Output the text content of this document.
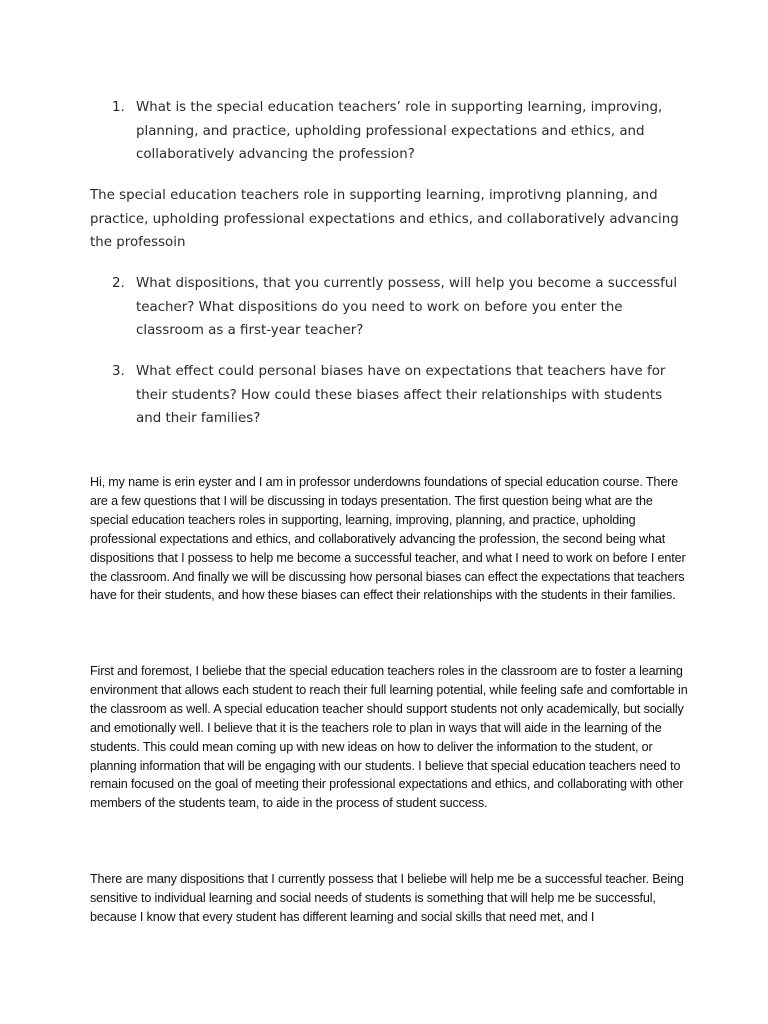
1. What is the special education teachers’ role in supporting learning, improving, planning, and practice, upholding professional expectations and ethics, and collaboratively advancing the profession?
The special education teachers role in supporting learning, improtivng planning, and practice, upholding professional expectations and ethics, and collaboratively advancing the professoin
2. What dispositions, that you currently possess, will help you become a successful teacher? What dispositions do you need to work on before you enter the classroom as a first-year teacher?
3. What effect could personal biases have on expectations that teachers have for their students? How could these biases affect their relationships with students and their families?
Hi, my name is erin eyster and I am in professor underdowns foundations of special education course. There are a few questions that I will be discussing in todays presentation. The first question being what are the special education teachers roles in supporting, learning, improving, planning, and practice, upholding professional expectations and ethics, and collaboratively advancing the profession, the second being what dispositions that I possess to help me become a successful teacher, and what I need to work on before I enter the classroom. And finally we will be discussing how personal biases can effect the expectations that teachers have for their students, and how these biases can effect their relationships with the students in their families.
First and foremost, I beliebe that the special education teachers roles in the classroom are to foster a learning environment that allows each student to reach their full learning potential, while feeling safe and comfortable in the classroom as well. A special education teacher should support students not only academically, but socially and emotionally well. I believe that it is the teachers role to plan in ways that will aide in the learning of the students. This could mean coming up with new ideas on how to deliver the information to the student, or planning information that will be engaging with our students. I believe that special education teachers need to remain focused on the goal of meeting their professional expectations and ethics, and collaborating with other members of the students team, to aide in the process of student success.
There are many dispositions that I currently possess that I beliebe will help me be a successful teacher. Being sensitive to individual learning and social needs of students is something that will help me be successful, because I know that every student has different learning and social skills that need met, and I
